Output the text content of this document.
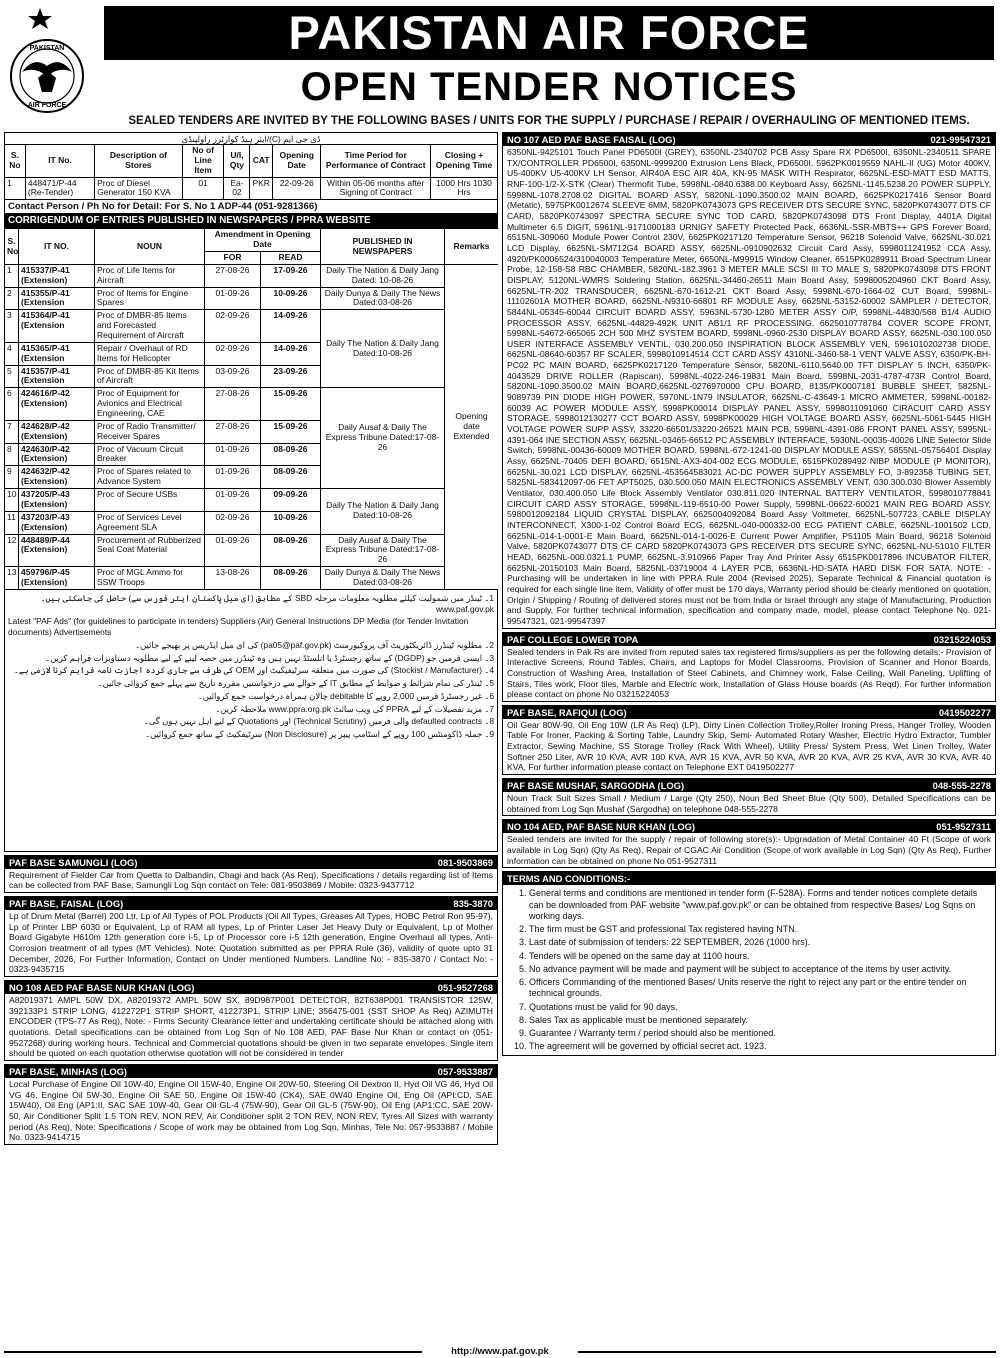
PAKISTAN
AIR FORCE
PAKISTAN AIR FORCE
OPEN TENDER NOTICES
SEALED TENDERS ARE INVITED BY THE FOLLOWING BASES / UNITS FOR THE SUPPLY / PURCHASE / REPAIR / OVERHAULING OF MENTIONED ITEMS.
ڈی جی ایم (C)/ایئر ہیڈ کوارٹرز راولپنڈی
S. No	IT No.	Description of Stores	No of Line Item	U/I, Qty	CAT	Opening Date	Time Period for Performance of Contract	Closing + Opening Time
1	448471/P-44 (Re-Tender)	Proc of Diesel Generator 150 KVA	01	Ea-02	PKR	22-09-26	Within 05-06 months after Signing of Contract	1000 Hrs 1030 Hrs
Contact Person / Ph No for Detail: For S. No 1 ADP-44 (051-9281366)
CORRIGENDUM OF ENTRIES PUBLISHED IN NEWSPAPERS / PPRA WEBSITE
S. No	IT NO.	NOUN	Amendment in Opening Date		PUBLISHED IN NEWSPAPERS	Remarks
			FOR	READ		
1	415337/P-41 (Extension)	Proc of Life Items for Aircraft	27-08-26	17-09-26	Daily The Nation & Daily Jang Dated: 10-08-26	Opening date Extended
2	415355/P-41 (Extension	Proc of Items for Engine Spares	01-09-26	10-09-26	Daily Dunya & Daily The News Dated:03-08-26	
3	415364/P-41 (Extension	Proc of DMBR-85 Items and Forecasted Requirement of Aircraft	02-09-26	14-09-26	Daily The Nation & Daily Jang Dated:10-08-26	
4	415365/P-41 (Extension	Repair / Overhaul of RD Items for Helicopter	02-09-26	14-09-26		
5	415357/P-41 (Extension	Proc of DMBR-85 Kit Items of Aircraft	03-09-26	23-09-26		
6	424616/P-42 (Extension)	Proc of Equipment for Avionics and Electrical Engineering, CAE	27-08-26	15-09-26	Daily Ausaf & Daily The Express Tribune Dated:17-08-26	
7	424628/P-42 (Extension)	Proc of Radio Transmitter/ Receiver Spares	27-08-26	15-09-26		
8	424630/P-42 (Extension)	Proc of Vacuum Circuit Breaker	01-09-26	08-09-26		
9	424632/P-42 (Extension)	Proc of Spares related to Advance System	01-09-26	08-09-26		
10	437205/P-43 (Extension)	Proc of Secure USBs	01-09-26	09-09-26	Daily The Nation & Daily Jang Dated:10-08-26	
11	437203/P-43 (Extension)	Proc of Services Level Agreement SLA	02-09-26	10-09-26		
12	448489/P-44 (Extension)	Procurement of Rubberized Seal Coat Material	01-09-26	08-09-26	Daily Ausaf & Daily The Express Tribune Dated:17-08-26	
13	459796/P-45 (Extension)	Proc of MGL Ammo for SSW Troops	13-08-26	08-09-26	Daily Dunya & Daily The News Dated:03-08-26	
1۔ ٹینڈر میں شمولیت کیلئے مطلوبہ معلومات مرحلہ SBD کے مطابق (ای میل پاکستان ایئر فورس سے) حاصل کی جاسکتی ہیں۔ www.paf.gov.pk
Latest "PAF Ads" (for guidelines to participate in tenders) Suppliers (Air) General Instructions DP Media (for Tender Invitation documents) Advertisements
2۔ مطلوبہ ٹینڈرز ڈائریکٹوریٹ آف پروکیورمنٹ (pa05@paf.gov.pk) کی ای میل ایڈریس پر بھیجے جائیں۔
3۔ ایسی فرمیں جو (DGDP) کے ساتھ رجسٹرڈ یا انلسٹڈ نہیں ہیں وہ ٹینڈرز میں حصہ لینے کے لیے مطلوبہ دستاویزات فراہم کریں۔
4۔ (Stockist / Manufacturer) کی صورت میں متعلقہ سرٹیفیکیٹ اور OEM کی طرف سے جاری کردہ اجازت نامہ فراہم کرنا لازمی ہے۔
5۔ ٹینڈر کی تمام شرائط و ضوابط کے مطابق IT کے حوالے سے درخواستیں مقررہ تاریخ سے پہلے جمع کروائی جائیں۔
6۔ غیر رجسٹرڈ فرمیں 2,000 روپے کا debitable چالان ہمراہ درخواست جمع کروائیں۔
7۔ مزید تفصیلات کے لیے PPRA کی ویب سائٹ www.ppra.org.pk ملاحظہ کریں۔
8۔ defaulted contracts والی فرمیں (Technical Scrutiny) اور Quotations کے لیے اہل نہیں ہوں گی۔
9۔ جملہ ڈاکومنٹس 100 روپے کے اسٹامپ پیپر پر (Non Disclosure) سرٹیفکیٹ کے ساتھ جمع کروائیں۔
PAF BASE SAMUNGLI (LOG)	081-9503869
Requirement of Fielder Car from Quetta to Dalbandin, Chagi and back (As Req), Specifications / details regarding list of Items can be collected from PAF Base, Samungli Log Sqn contact on Tele: 081-9503869 / Mobile: 0323-9437712
PAF BASE, FAISAL (LOG)	835-3870
Lp of Drum Metal (Barrel) 200 Ltr, Lp of All Types of POL Products (Oil All Types, Greases All Types, HOBC Petrol Ron 95-97), Lp of Printer LBP 6030 or Equivalent, Lp of RAM all types, Lp of Printer Laser Jet Heavy Duty or Equivalent, Lp of Mother Board Gigabyte H610m 12th generation core i-5, Lp of Processor core i-5 12th generation, Engine Overhaul all types, Anti-Corrosion treatment of all types (MT Vehicles). Note: Quotation submitted as per PPRA Rule (36), validity of quote upto 31 December, 2026, For Further Information, Contact on Under mentioned Numbers. Landline No: - 835-3870 / Contact No: - 0323-9435715
NO 108 AED PAF BASE NUR KHAN (LOG)	051-9527268
A82019371 AMPL 50W DX, A82019372 AMPL 50W SX, 89D987P001 DETECTOR, 82T638P001 TRANSISTOR 125W, 392133P1 STRIP LONG, 412272P1 STRIP SHORT, 412273P1, STRIP LINE; 356475-001 (SST SHOP As Req) AZIMUTH ENCODER (TPS-77 As Req), Note: - Firms Security Clearance letter and undertaking certificate should be attached along with quotations. Detail specifications can be obtained from Log Sqn of No 108 AED, PAF Base Nur Khan or contact on (051-9527268) during working hours. Technical and Commercial quotations should be given in two separate envelopes. Single item should be quoted on each quotation otherwise quotation will not be considered in tender
PAF BASE, MINHAS (LOG)	057-9533887
Local Purchase of Engine Oil 10W-40, Engine Oil 15W-40, Engine Oil 20W-50, Steering Oil Dextron II, Hyd Oil VG 46, Hyd Oil VG 46, Engine Oil 5W-30, Engine Oil SAE 50, Engine Oil 15W-40 (CK4), SAE 0W40 Engine Oil, Eng Oil (API:CD, SAE 15W40), Oil Eng (AP1:II, SAC SAE 10W-40, Gear Oil GL-4 (75W-90), Gear Oil GL-5 (75W-90), Oil Eng (AP1:CC, SAE 20W-50, Air Conditioner Split 1.5 TON REV, NON REV, Air Conditioner split 2 TON REV, NON REV, Tyres All Sizes with warranty period (As Req), Note: Specifications / Scope of work may be obtained from Log Sqn, Minhas, Tele No: 057-9533887 / Mobile No. 0323-9414715
NO 107 AED PAF BASE FAISAL (LOG)	021-99547321
6350NL-9425101 Touch Panel PD6500I (GREY), 6350NL-2340702 PCB Assy Spare RX PD6500I, 6350NL-2340511 SPARE TX/CONTROLLER PD6500I, 6350NL-9999200 Extrusion Lens Black, PD6500I, 5962PK0019559 NAHL-II (UG) Motor 400KV, U5-400KV U5-400KV LH Sensor, AIR40A ESC AIR 40A, KN-95 MASK WITH Respirator, 6625NL-ESD-MATT ESD MATTS, RNF-100-1/2-X-STK (Clear) Thermofit Tube, 5998NL-0840.6388.00 Keyboard Assy, 6625NL-1145.5238.20 POWER SUPPLY, 5998NL-1078.2708.02 DIGITAL BOARD ASSY, 5820NL-1090.3500.02 MAIN BOARD, 6625PK0217416 Sensor Board (Metatic), 5975PK0012674 SLEEVE 6MM, 5820PK0743073 GPS RECEIVER DTS SECURE SYNC, 5820PK0743077 DTS CF CARD, 5820PK0743097 SPECTRA SECURE SYNC TOD CARD, 5820PK0743098 DTS Front Display, 4401A Digital Multimeter 6.5 DIGIT, 5961NL-9171000183 URNIGY SAFETY Protected Pack, 6636NL-SSR-MBTS++ GPS Forever Board, 6515NL-309060 Module Power Control 230V, 6625PK0217120 Temperature Sensor, 96218 Solenoid Valve, 6625NL-30.021 LCD Display, 6625NL-SM712G4 BOARD ASSY, 6625NL-0910902632 Circuit Card Assy, 5998011241952 CCA Assy, 4920/PK0006524/310040003 Temperature Meter, 6650NL-M99915 Window Cleaner, 6515PK0289911 Broad Spectrum Linear Probe, 12-158-S8 RBC CHAMBER, 5820NL-182.3961 3 METER MALE SCSI III TO MALE S, 5820PK0743098 DTS FRONT DISPLAY, 5120NL-WMRS Soldering Station, 6625NL-34460-26511 Main Board Assy, 5998005204960 CKT Board Assy, 6625NL-TR-202 TRANSDUCER, 6625NL-670-1612-21 CKT Board Assy, 5998NL-670-1664-02 CUT Board, 5998NL-11102601A MOTHER BOARD, 6625NL-N9310-66801 RF MODULE Assy, 6625NL-53152-60002 SAMPLER / DETECTOR, 5844NL-05345-60044 CIRCUIT BOARD ASSY, 5963NL-5730-1280 METER ASSY O/P, 5998NL-44830/568 B1/4 AUDIO PROCESSOR ASSY, 6625NL-44829-492K UNIT AB1/1 RF PROCESSING, 6625010778784 COVER SCOPE FRONT, 5998NL-54672-665065 2CH 500 MHZ SYSTEM BOARD, 5998NL-0960-2530 DISPLAY BOARD ASSY, 6625NL-030.100.050 USER INTERFACE ASSEMBLY VENTIL, 030.200.050 INSPIRATION BLOCK ASSEMBLY VEN, 5961010202738 DIODE, 6625NL-08640-60357 RF SCALER, 5998010914514 CCT CARD ASSY 4310NL-3460-58-1 VENT VALVE ASSY, 6350/PK-BH-PC02 PC MAIN BOARD, 6625PK0217120 Temperature Sensor, 5820NL-6110.5640.00 TFT DISPLAY 5 INCH, 6350/PK-4043529 DRIVE ROLLER (Rapiscan), 5998NL-4022-246-19831 Main Board, 5998NL-2031-4787-473R Control Board, 5820NL-1090.3500.02 MAIN BOARD,6625NL-0276970000 CPU BOARD, 8135/PK0007181 BUBBLE SHEET, 5825NL-9089739 PIN DIODE HIGH POWER, 5970NL-1N79 INSULATOR, 6625NL-C-43649-1 MICRO AMMETER, 5998NL-00182-60039 AC POWER MODULE ASSY, 5998PK00014 DISPLAY PANEL ASSY, 5998011091060 CIRACUIT CARD ASSY STORAGE, 5998012130277 CCT BOARD ASSY, 5998PK00029 HIGH VOLTAGE BOARD ASSY, 6625NL-5061-5445 HIGH VOLTAGE POWER SUPP ASSY, 33220-66501/33220-26521 MAIN PCB, 5998NL-4391-086 FRONT PANEL ASSY, 5995NL-4391-064 INE SECTION ASSY, 6625NL-03465-66512 PC ASSEMBLY INTERFACE, 5930NL-00035-40026 LINE Selector Slide Switch, 5998NL-00436-60009 MOTHER BOARD, 5998NL-672-1241-00 DISPLAY MODULE ASSY, 5855NL-05756401 Display Assy, 6625NL-70405 DEFI BOARD, 6515NL-AX3-404-002 ECG MODULE, 6515PK0289492 NIBP MODULE (P MONITOR), 6625NL-30.021 LCD DISPLAY, 6625NL-453564583021 AC-DC POWER SUPPLY ASSEMBLY FO, 3-892358 TUBING SET, 5825NL-583412097-06 FET APT5025, 030.500.050 MAIN ELECTRONICS ASSEMBLY VENT, 030.300.030 Blower Assembly Ventilator, 030.400.050 Life Block Assembly Ventilator 030.811.020 INTERNAL BATTERY VENTILATOR, 5998010778841 CIRCUIT CARD ASSY STORAGE, 5998NL-119-6510-00 Power Supply, 5998NL-06622-60021 MAIN REG BOARD ASSY, 5980012092184 LIQUID CRYSTAL DISPLAY, 6625004092084 Board Assy Voltmeter, 6625NL-507723 CABLE DISPLAY INTERCONNECT, X300-1-02 Control Board ECG, 6625NL-040-000332-00 ECG PATIENT CABLE, 6625NL-1001502 LCD, 6625NL-014-1-0001-E Main Board, 6625NL-014-1-0026-E Current Power Amplifier, P51105 Main Board, 96218 Solenoid Valve, 5820PK0743077 DTS CF CARD 5820PK0743073 GPS RECEIVER DTS SECURE SYNC, 6625NL-NU-51010 FILTER HEAD, 6625NL-000.0321.1 PUMP, 6625NL-3.910966 Paper Tray And Printer Assy 6515PK0017896 INCUBATOR FILTER, 6625NL-20150103 Main Board, 5825NL-03719004 4 LAYER PCB, 6636NL-HD-SATA HARD DISK FOR SATA. NOTE: - Purchasing will be undertaken in line with PPRA Rule 2004 (Revised 2025), Separate Technical & Financial quotation is required for each single line item, Validity of offer must be 170 days, Warranty period should be clearly mentioned on quotation, Origin / Shipping / Routing of delivered stores must not be from India or Israel through any stage of Manufacturing, Production and Supply, For further technical information, specification and company made, model, please contact Telephone No. 021-99547321, 021-99547397
PAF COLLEGE LOWER TOPA	03215224053
Sealed tenders in Pak Rs are invited from reputed sales tax registered firms/suppliers as per the following details:- Provision of Interactive Screens, Round Tables, Chairs, and Laptops for Model Classrooms, Provision of Scanner and Honor Boards, Construction of Washing Area, Installation of Steel Cabinets, and Chimney work, False Ceiling, Wall Paneling, Uplifting of Stairs, Tiles work, Floor tiles, Marble and Electric work, Installation of Glass House boards (As Reqd). For further information please contact on phone No 03215224053
PAF BASE, RAFIQUI (LOG)	0419502277
Oil Gear 80W-90, Oil Eng 10W (LR As Req) (LP), Dirty Linen Collection Trolley,Roller Ironing Press, Hanger Trolley, Wooden Table For Ironer, Packing & Sorting Table, Laundry Skip, Semi- Automated Rotary Washer, Electric Hydro Extractor, Tumbler Extractor, Sewing Machine, SS Storage Trolley (Rack With Wheel), Utility Press/ System Press, Wet Linen Trolley, Water Softner 250 Liter, AVR 10 KVA, AVR 100 KVA, AVR 15 KVA, AVR 50 KVA, AVR 20 KVA, AVR 25 KVA, AVR 30 KVA, AVR 40 KVA, For further information please contact on Telephone EXT 0419502277
PAF BASE MUSHAF, SARGODHA (LOG)	048-555-2278
Noun Track Suit Sizes Small / Medium / Large (Qty 250), Noun Bed Sheet Blue (Qty 500), Detailed Specifications can be obtained from Log Sqn Mushaf (Sargodha) on telephone 048-555-2278
NO 104 AED, PAF BASE NUR KHAN (LOG)	051-9527311
Sealed tenders are invited for the supply / repair of following store(s):- Upgradation of Metal Container 40 Ft (Scope of work available in Log Sqn) (Qty As Req), Repair of CGAC Air Condition (Scope of work available in Log Sqn) (Qty As Req), Further information can be obtained on phone No 051-9527311
TERMS AND CONDITIONS:-
1. General terms and conditions are mentioned in tender form (F-528A). Forms and tender notices complete details can be downloaded from PAF website "www.paf.gov.pk" or can be obtained from respective Bases/ Log Sqns on working days.
2. The firm must be GST and professional Tax registered having NTN.
3. Last date of submission of tenders: 22 SEPTEMBER, 2026 (1000 hrs).
4. Tenders will be opened on the same day at 1100 hours.
5. No advance payment will be made and payment will be subject to acceptance of the items by user activity.
6. Officers Commanding of the mentioned Bases/ Units reserve the right to reject any part or the entire tender on technical grounds.
7. Quotations must be valid for 90 days.
8. Sales Tax as applicable must be mentioned separately.
9. Guarantee / Warranty term / period should also be mentioned.
10. The agreement will be governed by official secret act. 1923.
http://www.paf.gov.pk
